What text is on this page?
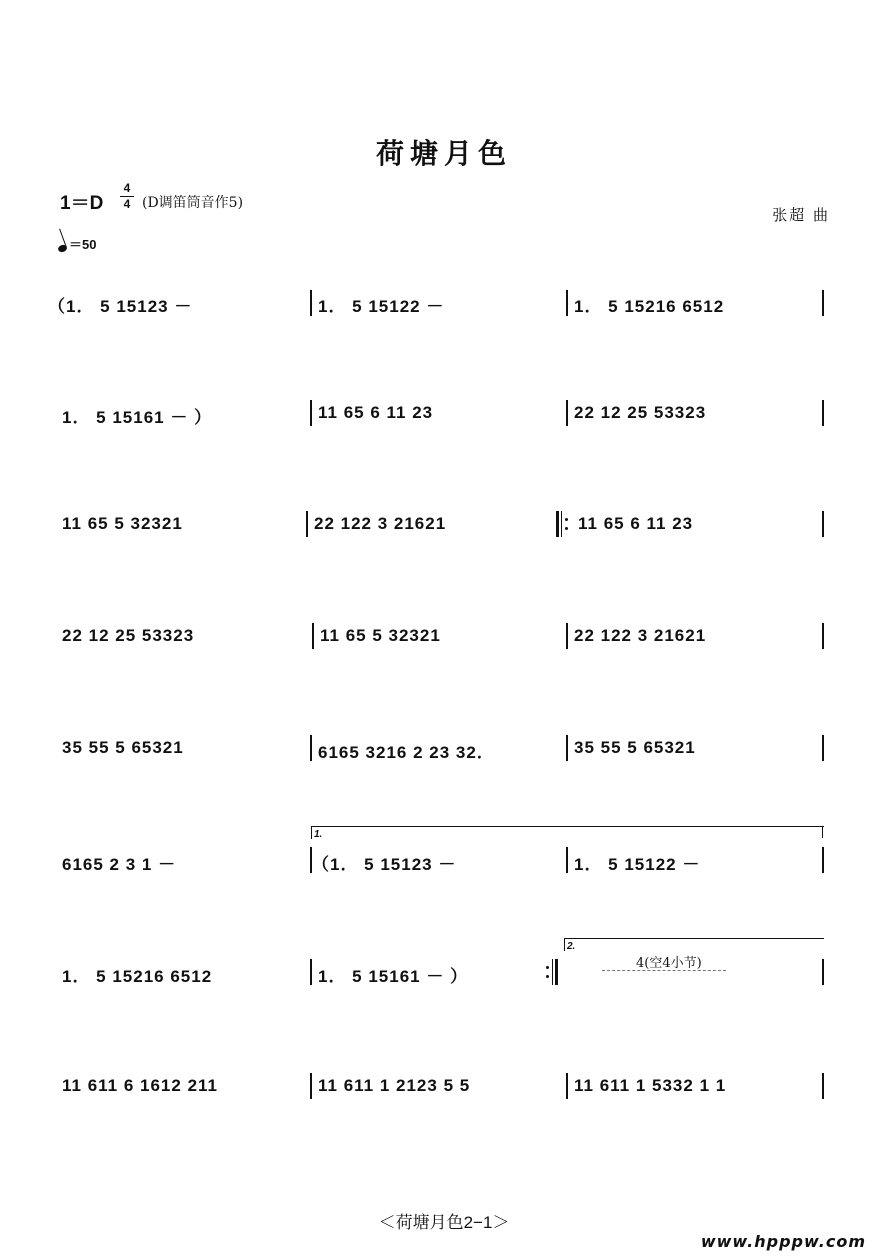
荷塘月色
1＝D
4
4 (D调笛筒音作5)
张超 曲
＝50
（1． 5 15123 －	1． 5 15122 －	1． 5 15216 6512
1． 5 15161 － ）	11 65 6 11 23	22 12 25 53323
11 65 5 32321	22 122 3 21621	11 65 6 11 23
22 12 25 53323	11 65 5 32321	22 122 3 21621
35 55 5 65321	6165 3216 2 23 32．	35 55 5 65321
1.
6165 2 3 1 －	（1． 5 15123 －	1． 5 15122 －
2.
1． 5 15216 6512	1． 5 15161 － ）
4(空4小节)
11 611 6 1612 211	11 611 1 2123 5 5	11 611 1 5332 1 1
＜荷塘月色2−1＞
www.hpppw.com
